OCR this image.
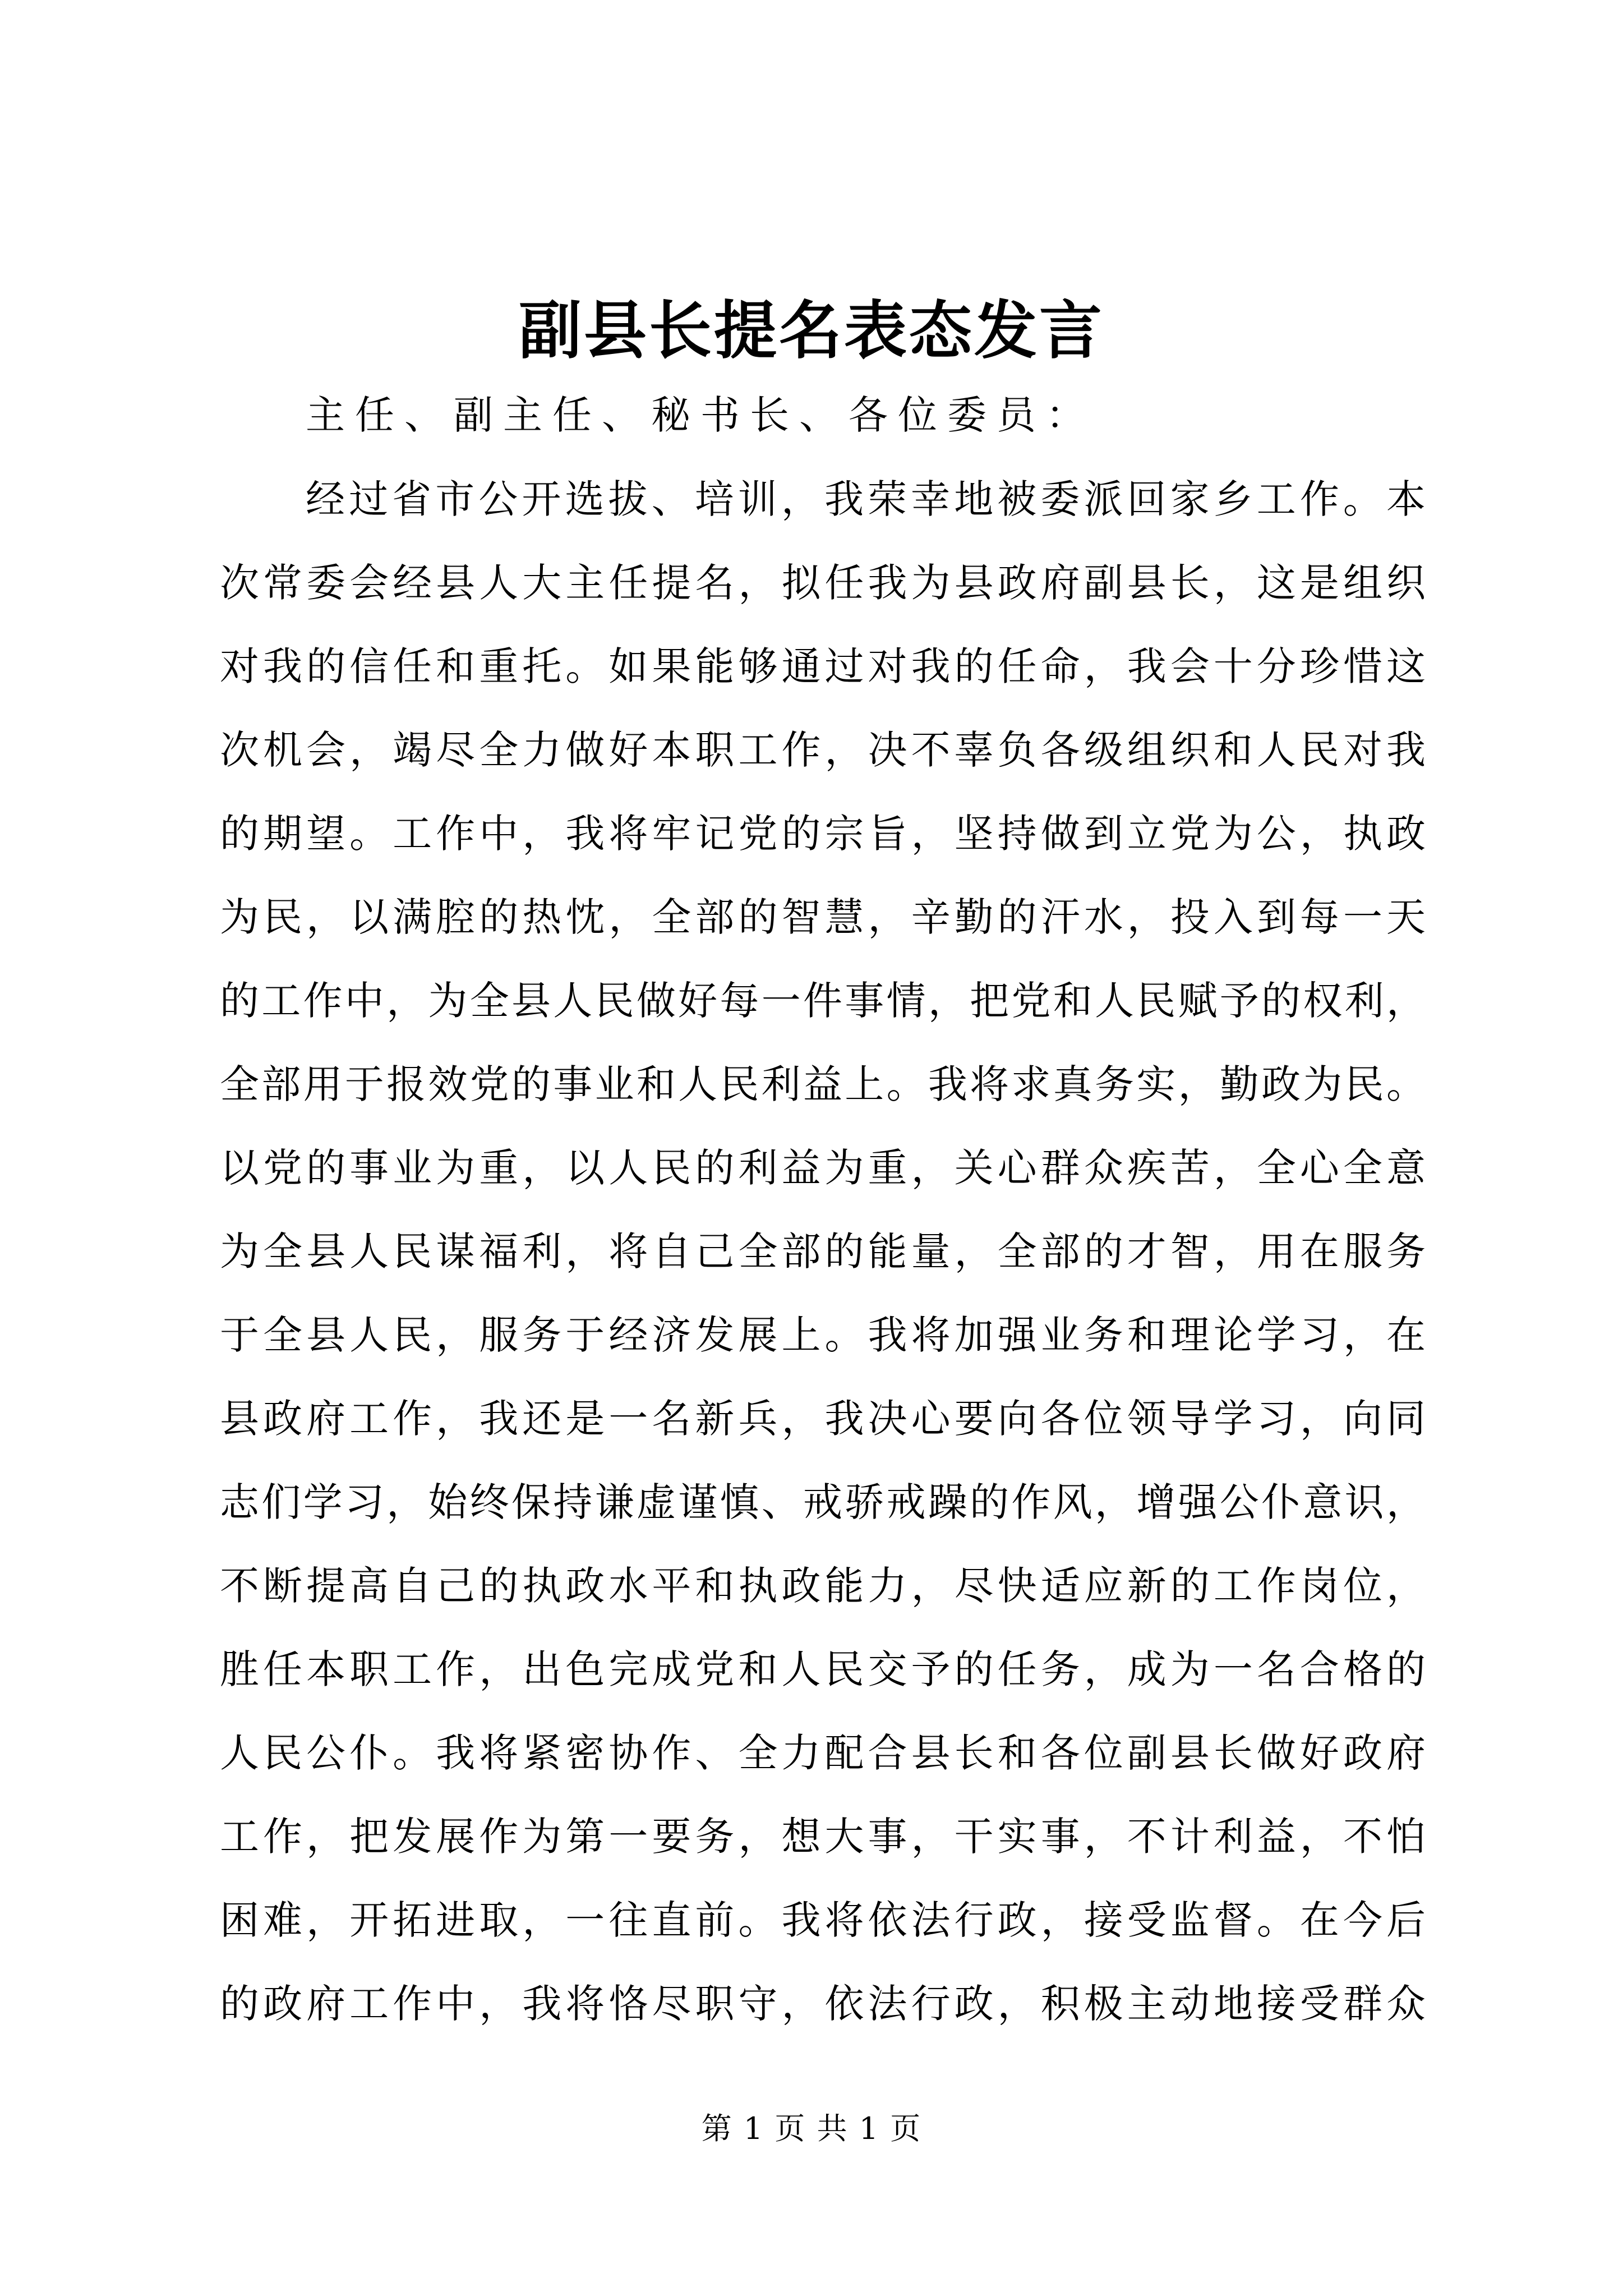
副县长提名表态发言
主任、副主任、秘书长、各位委员：
经过省市公开选拔、培训，我荣幸地被委派回家乡工作。本
次常委会经县人大主任提名，拟任我为县政府副县长，这是组织
对我的信任和重托。如果能够通过对我的任命，我会十分珍惜这
次机会，竭尽全力做好本职工作，决不辜负各级组织和人民对我
的期望。工作中，我将牢记党的宗旨，坚持做到立党为公，执政
为民，以满腔的热忱，全部的智慧，辛勤的汗水，投入到每一天
的工作中，为全县人民做好每一件事情，把党和人民赋予的权利，
全部用于报效党的事业和人民利益上。我将求真务实，勤政为民。
以党的事业为重，以人民的利益为重，关心群众疾苦，全心全意
为全县人民谋福利，将自己全部的能量，全部的才智，用在服务
于全县人民，服务于经济发展上。我将加强业务和理论学习，在
县政府工作，我还是一名新兵，我决心要向各位领导学习，向同
志们学习，始终保持谦虚谨慎、戒骄戒躁的作风，增强公仆意识，
不断提高自己的执政水平和执政能力，尽快适应新的工作岗位，
胜任本职工作，出色完成党和人民交予的任务，成为一名合格的
人民公仆。我将紧密协作、全力配合县长和各位副县长做好政府
工作，把发展作为第一要务，想大事，干实事，不计利益，不怕
困难，开拓进取，一往直前。我将依法行政，接受监督。在今后
的政府工作中，我将恪尽职守，依法行政，积极主动地接受群众
第 1 页 共 1 页
